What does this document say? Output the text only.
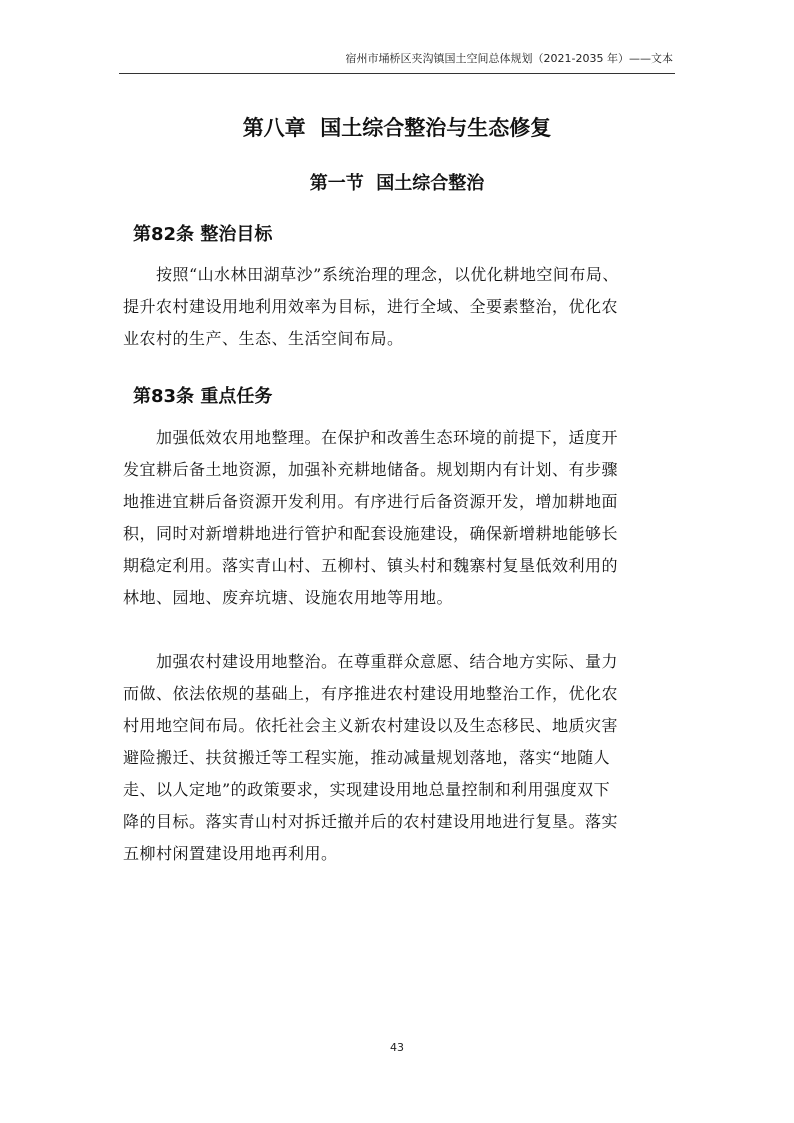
宿州市埇桥区夹沟镇国土空间总体规划（2021-2035 年）——文本
第八章  国土综合整治与生态修复
第一节  国土综合整治
第82条 整治目标
按照“山水林田湖草沙”系统治理的理念，以优化耕地空间布局、
提升农村建设用地利用效率为目标，进行全域、全要素整治，优化农
业农村的生产、生态、生活空间布局。
第83条 重点任务
加强低效农用地整理。在保护和改善生态环境的前提下，适度开
发宜耕后备土地资源，加强补充耕地储备。规划期内有计划、有步骤
地推进宜耕后备资源开发利用。有序进行后备资源开发，增加耕地面
积，同时对新增耕地进行管护和配套设施建设，确保新增耕地能够长
期稳定利用。落实青山村、五柳村、镇头村和魏寨村复垦低效利用的
林地、园地、废弃坑塘、设施农用地等用地。
加强农村建设用地整治。在尊重群众意愿、结合地方实际、量力
而做、依法依规的基础上，有序推进农村建设用地整治工作，优化农
村用地空间布局。依托社会主义新农村建设以及生态移民、地质灾害
避险搬迁、扶贫搬迁等工程实施，推动减量规划落地，落实“地随人
走、以人定地”的政策要求，实现建设用地总量控制和利用强度双下
降的目标。落实青山村对拆迁撤并后的农村建设用地进行复垦。落实
五柳村闲置建设用地再利用。
43
